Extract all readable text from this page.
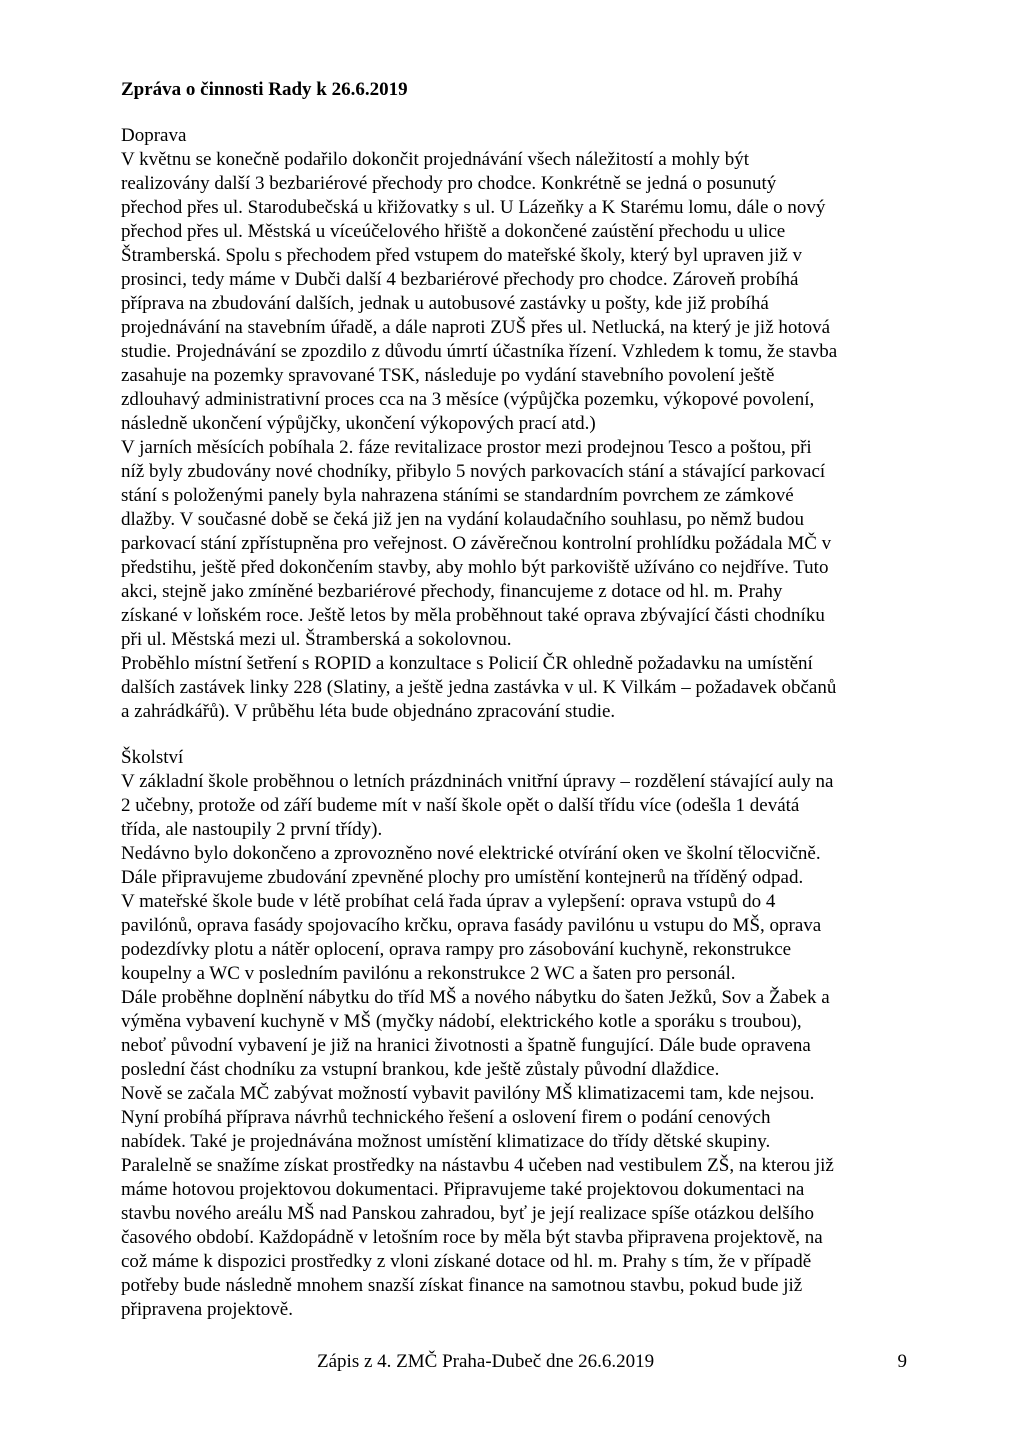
Zpráva o činnosti Rady k 26.6.2019
Doprava
V květnu se konečně podařilo dokončit projednávání všech náležitostí a mohly být
realizovány další 3 bezbariérové přechody pro chodce. Konkrétně se jedná o posunutý
přechod přes ul. Starodubečská u křižovatky s ul. U Lázeňky a K Starému lomu, dále o nový
přechod přes ul. Městská u víceúčelového hřiště a dokončené zaústění přechodu u ulice
Štramberská. Spolu s přechodem před vstupem do mateřské školy, který byl upraven již v
prosinci, tedy máme v Dubči další 4 bezbariérové přechody pro chodce. Zároveň probíhá
příprava na zbudování dalších, jednak u autobusové zastávky u pošty, kde již probíhá
projednávání na stavebním úřadě, a dále naproti ZUŠ přes ul. Netlucká, na který je již hotová
studie. Projednávání se zpozdilo z důvodu úmrtí účastníka řízení. Vzhledem k tomu, že stavba
zasahuje na pozemky spravované TSK, následuje po vydání stavebního povolení ještě
zdlouhavý administrativní proces cca na 3 měsíce (výpůjčka pozemku, výkopové povolení,
následně ukončení výpůjčky, ukončení výkopových prací atd.)
V jarních měsících pobíhala 2. fáze revitalizace prostor mezi prodejnou Tesco a poštou, při
níž byly zbudovány nové chodníky, přibylo 5 nových parkovacích stání a stávající parkovací
stání s položenými panely byla nahrazena stáními se standardním povrchem ze zámkové
dlažby. V současné době se čeká již jen na vydání kolaudačního souhlasu, po němž budou
parkovací stání zpřístupněna pro veřejnost. O závěrečnou kontrolní prohlídku požádala MČ v
předstihu, ještě před dokončením stavby, aby mohlo být parkoviště užíváno co nejdříve. Tuto
akci, stejně jako zmíněné bezbariérové přechody, financujeme z dotace od hl. m. Prahy
získané v loňském roce. Ještě letos by měla proběhnout také oprava zbývající části chodníku
při ul. Městská mezi ul. Štramberská a sokolovnou.
Proběhlo místní šetření s ROPID a konzultace s Policií ČR ohledně požadavku na umístění
dalších zastávek linky 228 (Slatiny, a ještě jedna zastávka v ul. K Vilkám – požadavek občanů
a zahrádkářů). V průběhu léta bude objednáno zpracování studie.
Školství
V základní škole proběhnou o letních prázdninách vnitřní úpravy – rozdělení stávající auly na
2 učebny, protože od září budeme mít v naší škole opět o další třídu více (odešla 1 devátá
třída, ale nastoupily 2 první třídy).
Nedávno bylo dokončeno a zprovozněno nové elektrické otvírání oken ve školní tělocvičně.
Dále připravujeme zbudování zpevněné plochy pro umístění kontejnerů na tříděný odpad.
V mateřské škole bude v létě probíhat celá řada úprav a vylepšení: oprava vstupů do 4
pavilónů, oprava fasády spojovacího krčku, oprava fasády pavilónu u vstupu do MŠ, oprava
podezdívky plotu a nátěr oplocení, oprava rampy pro zásobování kuchyně, rekonstrukce
koupelny a WC v posledním pavilónu a rekonstrukce 2 WC a šaten pro personál.
Dále proběhne doplnění nábytku do tříd MŠ a nového nábytku do šaten Ježků, Sov a Žabek a
výměna vybavení kuchyně v MŠ (myčky nádobí, elektrického kotle a sporáku s troubou),
neboť původní vybavení je již na hranici životnosti a špatně fungující. Dále bude opravena
poslední část chodníku za vstupní brankou, kde ještě zůstaly původní dlaždice.
Nově se začala MČ zabývat možností vybavit pavilóny MŠ klimatizacemi tam, kde nejsou.
Nyní probíhá příprava návrhů technického řešení a oslovení firem o podání cenových
nabídek. Také je projednávána možnost umístění klimatizace do třídy dětské skupiny.
Paralelně se snažíme získat prostředky na nástavbu 4 učeben nad vestibulem ZŠ, na kterou již
máme hotovou projektovou dokumentaci. Připravujeme také projektovou dokumentaci na
stavbu nového areálu MŠ nad Panskou zahradou, byť je její realizace spíše otázkou delšího
časového období. Každopádně v letošním roce by měla být stavba připravena projektově, na
což máme k dispozici prostředky z vloni získané dotace od hl. m. Prahy s tím, že v případě
potřeby bude následně mnohem snazší získat finance na samotnou stavbu, pokud bude již
připravena projektově.
Zápis z 4. ZMČ Praha-Dubeč dne 26.6.2019	9
